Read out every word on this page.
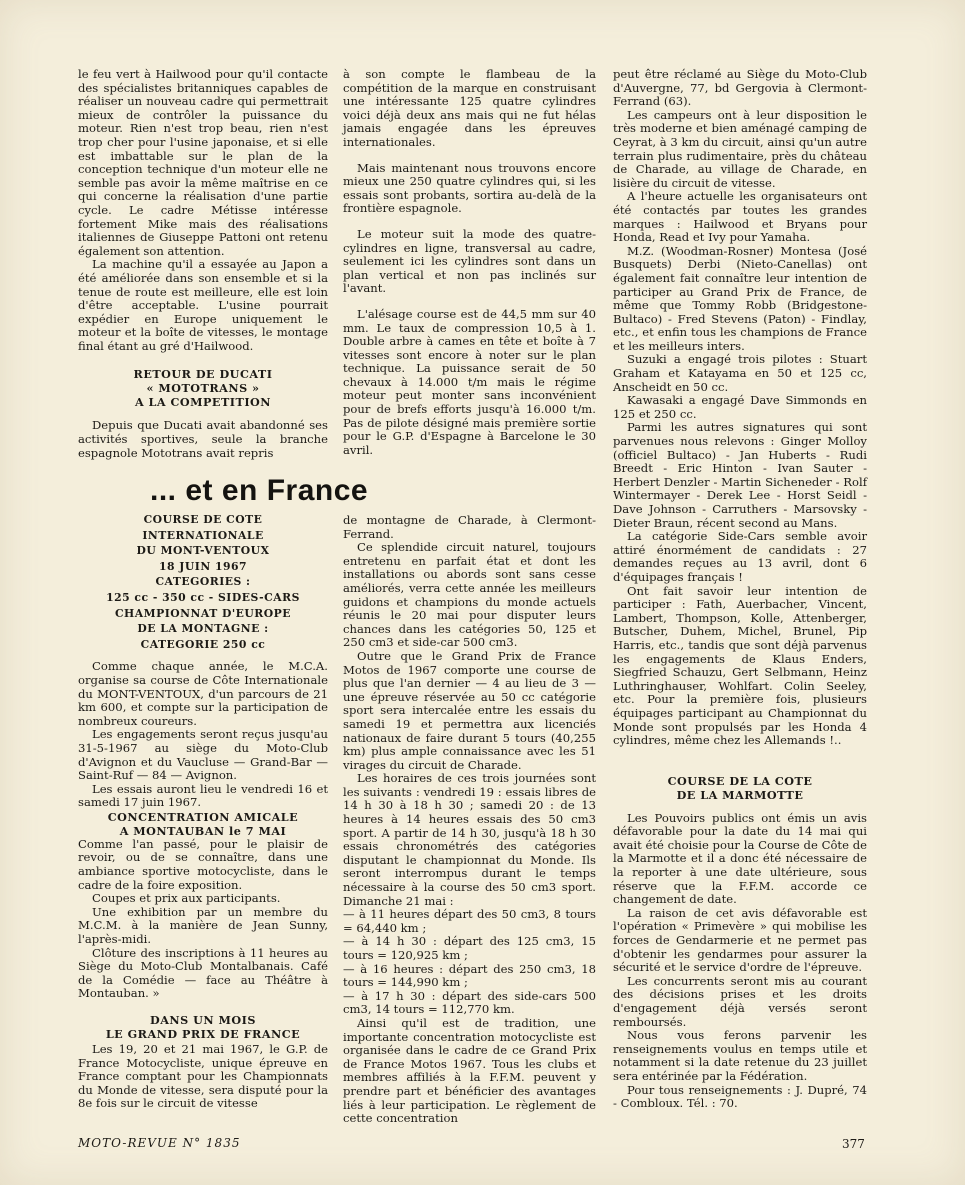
le feu vert à Hailwood pour qu'il contacte des spécialistes britanniques capables de réaliser un nouveau cadre qui permettrait mieux de contrôler la puissance du moteur. Rien n'est trop beau, rien n'est trop cher pour l'usine japonaise, et si elle est imbattable sur le plan de la conception technique d'un moteur elle ne semble pas avoir la même maîtrise en ce qui concerne la réalisation d'une partie cycle. Le cadre Métisse intéresse fortement Mike mais des réalisations italiennes de Giuseppe Pattoni ont retenu également son attention.

La machine qu'il a essayée au Japon a été améliorée dans son ensemble et si la tenue de route est meilleure, elle est loin d'être acceptable. L'usine pourrait expédier en Europe uniquement le moteur et la boîte de vitesses, le montage final étant au gré d'Hailwood.

RETOUR DE DUCATI
« MOTOTRANS »
A LA COMPETITION

Depuis que Ducati avait abandonné ses activités sportives, seule la branche espagnole Mototrans avait repris

à son compte le flambeau de la compétition de la marque en construisant une intéressante 125 quatre cylindres voici déjà deux ans mais qui ne fut hélas jamais engagée dans les épreuves internationales.

Mais maintenant nous trouvons encore mieux une 250 quatre cylindres qui, si les essais sont probants, sortira au-delà de la frontière espagnole.

Le moteur suit la mode des quatre-cylindres en ligne, transversal au cadre, seulement ici les cylindres sont dans un plan vertical et non pas inclinés sur l'avant.

L'alésage course est de 44,5 mm sur 40 mm. Le taux de compression 10,5 à 1. Double arbre à cames en tête et boîte à 7 vitesses sont encore à noter sur le plan technique. La puissance serait de 50 chevaux à 14.000 t/m mais le régime moteur peut monter sans inconvénient pour de brefs efforts jusqu'à 16.000 t/m. Pas de pilote désigné mais première sortie pour le G.P. d'Espagne à Barcelone le 30 avril.

peut être réclamé au Siège du Moto-Club d'Auvergne, 77, bd Gergovia à Clermont-Ferrand (63).

Les campeurs ont à leur disposition le très moderne et bien aménagé camping de Ceyrat, à 3 km du circuit, ainsi qu'un autre terrain plus rudimentaire, près du château de Charade, au village de Charade, en lisière du circuit de vitesse.

A l'heure actuelle les organisateurs ont été contactés par toutes les grandes marques : Hailwood et Bryans pour Honda, Read et Ivy pour Yamaha.

M.Z. (Woodman-Rosner) Montesa (José Busquets) Derbi (Nieto-Canellas) ont également fait connaître leur intention de participer au Grand Prix de France, de même que Tommy Robb (Bridgestone-Bultaco) - Fred Stevens (Paton) - Findlay, etc., et enfin tous les champions de France et les meilleurs inters.

Suzuki a engagé trois pilotes : Stuart Graham et Katayama en 50 et 125 cc, Anscheidt en 50 cc.

Kawasaki a engagé Dave Simmonds en 125 et 250 cc.

Parmi les autres signatures qui sont parvenues nous relevons : Ginger Molloy (officiel Bultaco) - Jan Huberts - Rudi Breedt - Eric Hinton - Ivan Sauter - Herbert Denzler - Martin Sicheneder - Rolf Wintermayer - Derek Lee - Horst Seidl - Dave Johnson - Carruthers - Marsovsky - Dieter Braun, récent second au Mans.

La catégorie Side-Cars semble avoir attiré énormément de candidats : 27 demandes reçues au 13 avril, dont 6 d'équipages français !

Ont fait savoir leur intention de participer : Fath, Auerbacher, Vincent, Lambert, Thompson, Kolle, Attenberger, Butscher, Duhem, Michel, Brunel, Pip Harris, etc., tandis que sont déjà parvenus les engagements de Klaus Enders, Siegfried Schauzu, Gert Selbmann, Heinz Luthringhauser, Wohlfart. Colin Seeley, etc. Pour la première fois, plusieurs équipages participant au Championnat du Monde sont propulsés par les Honda 4 cylindres, même chez les Allemands !..

COURSE DE LA COTE
DE LA MARMOTTE

Les Pouvoirs publics ont émis un avis défavorable pour la date du 14 mai qui avait été choisie pour la Course de Côte de la Marmotte et il a donc été nécessaire de la reporter à une date ultérieure, sous réserve que la F.F.M. accorde ce changement de date.

La raison de cet avis défavorable est l'opération « Primevère » qui mobilise les forces de Gendarmerie et ne permet pas d'obtenir les gendarmes pour assurer la sécurité et le service d'ordre de l'épreuve.

Les concurrents seront mis au courant des décisions prises et les droits d'engagement déjà versés seront remboursés.

Nous vous ferons parvenir les renseignements voulus en temps utile et notamment si la date retenue du 23 juillet sera entérinée par la Fédération.

Pour tous renseignements : J. Dupré, 74 - Combloux. Tél. : 70.

... et en France
COURSE DE COTE
INTERNATIONALE
DU MONT-VENTOUX
18 JUIN 1967
CATEGORIES :
125 cc - 350 cc - SIDES-CARS
CHAMPIONNAT D'EUROPE
DE LA MONTAGNE :
CATEGORIE 250 cc

Comme chaque année, le M.C.A. organise sa course de Côte Internationale du MONT-VENTOUX, d'un parcours de 21 km 600, et compte sur la participation de nombreux coureurs.

Les engagements seront reçus jusqu'au 31-5-1967 au siège du Moto-Club d'Avignon et du Vaucluse — Grand-Bar — Saint-Ruf — 84 — Avignon.

Les essais auront lieu le vendredi 16 et samedi 17 juin 1967.

CONCENTRATION AMICALE
A MONTAUBAN le 7 MAI

Comme l'an passé, pour le plaisir de revoir, ou de se connaître, dans une ambiance sportive motocycliste, dans le cadre de la foire exposition.

Coupes et prix aux participants.

Une exhibition par un membre du M.C.M. à la manière de Jean Sunny, l'après-midi.

Clôture des inscriptions à 11 heures au Siège du Moto-Club Montalbanais. Café de la Comédie — face au Théâtre à Montauban. »

DANS UN MOIS
LE GRAND PRIX DE FRANCE

Les 19, 20 et 21 mai 1967, le G.P. de France Motocycliste, unique épreuve en France comptant pour les Championnats du Monde de vitesse, sera disputé pour la 8e fois sur le circuit de vitesse

de montagne de Charade, à Clermont-Ferrand.

Ce splendide circuit naturel, toujours entretenu en parfait état et dont les installations ou abords sont sans cesse améliorés, verra cette année les meilleurs guidons et champions du monde actuels réunis le 20 mai pour disputer leurs chances dans les catégories 50, 125 et 250 cm3 et side-car 500 cm3.

Outre que le Grand Prix de France Motos de 1967 comporte une course de plus que l'an dernier — 4 au lieu de 3 — une épreuve réservée au 50 cc catégorie sport sera intercalée entre les essais du samedi 19 et permettra aux licenciés nationaux de faire durant 5 tours (40,255 km) plus ample connaissance avec les 51 virages du circuit de Charade.

Les horaires de ces trois journées sont les suivants : vendredi 19 : essais libres de 14 h 30 à 18 h 30 ; samedi 20 : de 13 heures à 14 heures essais des 50 cm3 sport. A partir de 14 h 30, jusqu'à 18 h 30 essais chronométrés des catégories disputant le championnat du Monde. Ils seront interrompus durant le temps nécessaire à la course des 50 cm3 sport. Dimanche 21 mai :

— à 11 heures départ des 50 cm3, 8 tours = 64,440 km ;

— à 14 h 30 : départ des 125 cm3, 15 tours = 120,925 km ;

— à 16 heures : départ des 250 cm3, 18 tours = 144,990 km ;

— à 17 h 30 : départ des side-cars 500 cm3, 14 tours = 112,770 km.

Ainsi qu'il est de tradition, une importante concentration motocycliste est organisée dans le cadre de ce Grand Prix de France Motos 1967. Tous les clubs et membres affiliés à la F.F.M. peuvent y prendre part et bénéficier des avantages liés à leur participation. Le règlement de cette concentration

MOTO-REVUE N° 1835	377
